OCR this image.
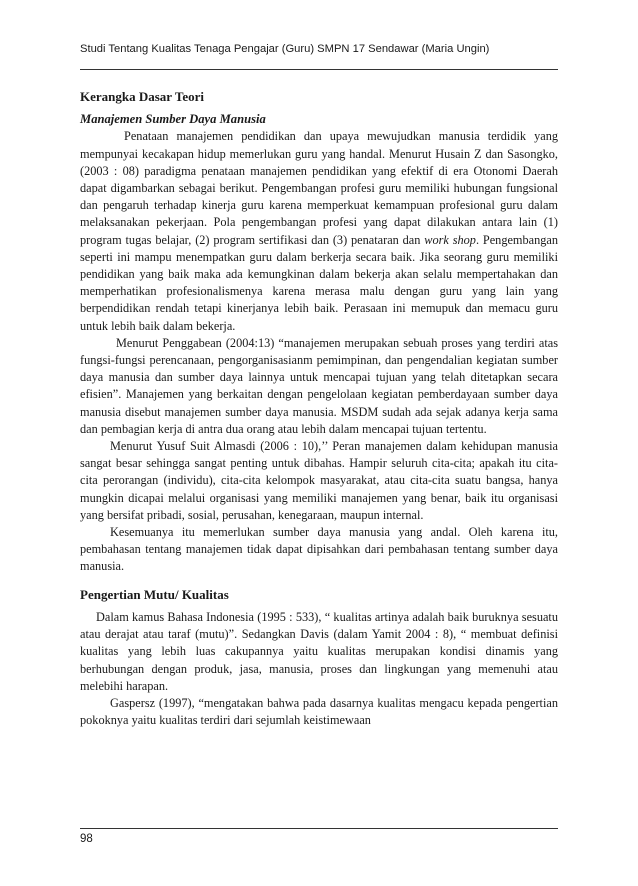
Studi Tentang Kualitas Tenaga Pengajar (Guru) SMPN 17 Sendawar (Maria Ungin)
Kerangka Dasar Teori
Manajemen Sumber Daya Manusia

Penataan manajemen pendidikan dan upaya mewujudkan manusia terdidik yang mempunyai kecakapan hidup memerlukan guru yang handal. Menurut Husain Z dan Sasongko, (2003 : 08) paradigma penataan manajemen pendidikan yang efektif di era Otonomi Daerah dapat digambarkan sebagai berikut. Pengembangan profesi guru memiliki hubungan fungsional dan pengaruh terhadap kinerja guru karena memperkuat kemampuan profesional guru dalam melaksanakan pekerjaan. Pola pengembangan profesi yang dapat dilakukan antara lain (1) program tugas belajar, (2) program sertifikasi dan (3) penataran dan work shop. Pengembangan seperti ini mampu menempatkan guru dalam berkerja secara baik. Jika seorang guru memiliki pendidikan yang baik maka ada kemungkinan dalam bekerja akan selalu mempertahakan dan memperhatikan profesionalismenya karena merasa malu dengan guru yang lain yang berpendidikan rendah tetapi kinerjanya lebih baik. Perasaan ini memupuk dan memacu guru untuk lebih baik dalam bekerja.

Menurut Penggabean (2004:13) “manajemen merupakan sebuah proses yang terdiri atas fungsi-fungsi perencanaan, pengorganisasianm pemimpinan, dan pengendalian kegiatan sumber daya manusia dan sumber daya lainnya untuk mencapai tujuan yang telah ditetapkan secara efisien”. Manajemen yang berkaitan dengan pengelolaan kegiatan pemberdayaan sumber daya manusia disebut manajemen sumber daya manusia. MSDM sudah ada sejak adanya kerja sama dan pembagian kerja di antra dua orang atau lebih dalam mencapai tujuan tertentu.

Menurut Yusuf Suit Almasdi (2006 : 10),’’ Peran manajemen dalam kehidupan manusia sangat besar sehingga sangat penting untuk dibahas. Hampir seluruh cita-cita; apakah itu cita-cita perorangan (individu), cita-cita kelompok masyarakat, atau cita-cita suatu bangsa, hanya mungkin dicapai melalui organisasi yang memiliki manajemen yang benar, baik itu organisasi yang bersifat pribadi, sosial, perusahan, kenegaraan, maupun internal.

Kesemuanya itu memerlukan sumber daya manusia yang andal. Oleh karena itu, pembahasan tentang manajemen tidak dapat dipisahkan dari pembahasan tentang sumber daya manusia.

Pengertian Mutu/ Kualitas

Dalam kamus Bahasa Indonesia (1995 : 533), “ kualitas artinya adalah baik buruknya sesuatu atau derajat atau taraf (mutu)”. Sedangkan Davis (dalam Yamit 2004 : 8), “ membuat definisi kualitas yang lebih luas cakupannya yaitu kualitas merupakan kondisi dinamis yang berhubungan dengan produk, jasa, manusia, proses dan lingkungan yang memenuhi atau melebihi harapan.

Gaspersz (1997), “mengatakan bahwa pada dasarnya kualitas mengacu kepada pengertian pokoknya yaitu kualitas terdiri dari sejumlah keistimewaan

98
